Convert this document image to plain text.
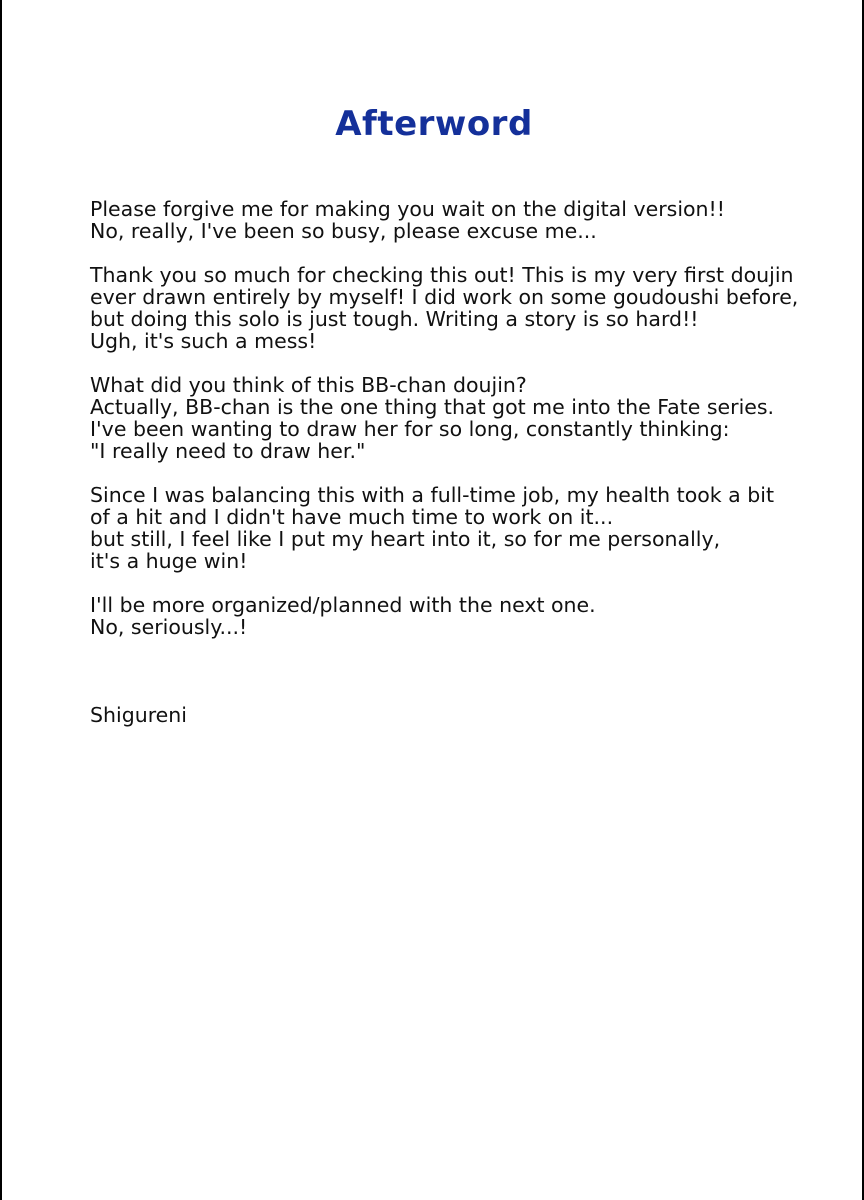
Afterword

Please forgive me for making you wait on the digital version!!
No, really, I've been so busy, please excuse me...

Thank you so much for checking this out! This is my very first doujin
ever drawn entirely by myself! I did work on some goudoushi before,
but doing this solo is just tough. Writing a story is so hard!!
Ugh, it's such a mess!

What did you think of this BB-chan doujin?
Actually, BB-chan is the one thing that got me into the Fate series.
I've been wanting to draw her for so long, constantly thinking:
"I really need to draw her."

Since I was balancing this with a full-time job, my health took a bit
of a hit and I didn't have much time to work on it...
but still, I feel like I put my heart into it, so for me personally,
it's a huge win!

I'll be more organized/planned with the next one.
No, seriously...!

Shigureni
